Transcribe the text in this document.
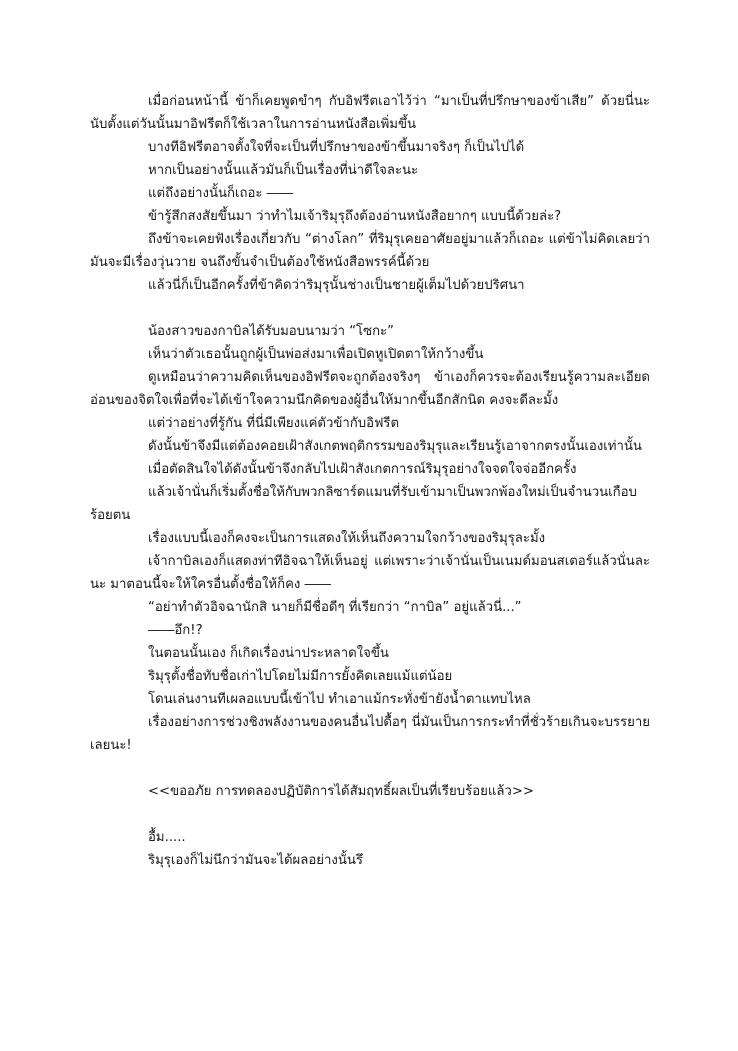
เมื่อก่อนหน้านี้ ข้าก็เคยพูดขำๆ กับอิฟรีตเอาไว้ว่า “มาเป็นที่ปรึกษาของข้าเสีย” ด้วยนี่นะ นับตั้งแต่วันนั้นมาอิฟรีตก็ใช้เวลาในการอ่านหนังสือเพิ่มขึ้น

บางทีอิฟรีตอาจตั้งใจที่จะเป็นที่ปรึกษาของข้าขึ้นมาจริงๆ ก็เป็นไปได้

หากเป็นอย่างนั้นแล้วมันก็เป็นเรื่องที่น่าดีใจละนะ

แต่ถึงอย่างนั้นก็เถอะ ――

ข้ารู้สึกสงสัยขึ้นมา ว่าทำไมเจ้าริมุรุถึงต้องอ่านหนังสือยากๆ แบบนี้ด้วยล่ะ?

ถึงข้าจะเคยฟังเรื่องเกี่ยวกับ “ต่างโลก” ที่ริมุรุเคยอาศัยอยู่มาแล้วก็เถอะ แต่ข้าไม่คิดเลยว่ามันจะมีเรื่องวุ่นวาย จนถึงขั้นจำเป็นต้องใช้หนังสือพรรค์นี้ด้วย

แล้วนี่ก็เป็นอีกครั้งที่ข้าคิดว่าริมุรุนั้นช่างเป็นชายผู้เต็มไปด้วยปริศนา

น้องสาวของกาบิลได้รับมอบนามว่า “โซกะ”

เห็นว่าตัวเธอนั้นถูกผู้เป็นพ่อส่งมาเพื่อเปิดหูเปิดตาให้กว้างขึ้น

ดูเหมือนว่าความคิดเห็นของอิฟรีตจะถูกต้องจริงๆ ข้าเองก็ควรจะต้องเรียนรู้ความละเอียดอ่อนของจิตใจเพื่อที่จะได้เข้าใจความนึกคิดของผู้อื่นให้มากขึ้นอีกสักนิด คงจะดีละมั้ง

แต่ว่าอย่างที่รู้กัน ที่นี่มีเพียงแค่ตัวข้ากับอิฟรีต

ดังนั้นข้าจึงมีแต่ต้องคอยเฝ้าสังเกตพฤติกรรมของริมุรุและเรียนรู้เอาจากตรงนั้นเองเท่านั้น

เมื่อตัดสินใจได้ดังนั้นข้าจึงกลับไปเฝ้าสังเกตการณ์ริมุรุอย่างใจจดใจจ่ออีกครั้ง

แล้วเจ้านั่นก็เริ่มตั้งชื่อให้กับพวกลิซาร์ดแมนที่รับเข้ามาเป็นพวกพ้องใหม่เป็นจำนวนเกือบร้อยตน

เรื่องแบบนี้เองก็คงจะเป็นการแสดงให้เห็นถึงความใจกว้างของริมุรุละมั้ง

เจ้ากาบิลเองก็แสดงท่าทีอิจฉาให้เห็นอยู่ แต่เพราะว่าเจ้านั่นเป็นเนมด์มอนสเตอร์แล้วนั่นละนะ มาตอนนี้จะให้ใครอื่นตั้งชื่อให้ก็คง ――

“อย่าทำตัวอิจฉานักสิ นายก็มีชื่อดีๆ ที่เรียกว่า “กาบิล” อยู่แล้วนี่...”

――อึก!?

ในตอนนั้นเอง ก็เกิดเรื่องน่าประหลาดใจขึ้น

ริมุรุตั้งชื่อทับชื่อเก่าไปโดยไม่มีการยั้งคิดเลยแม้แต่น้อย

โดนเล่นงานทีเผลอแบบนี้เข้าไป ทำเอาแม้กระทั่งข้ายังน้ำตาแทบไหล

เรื่องอย่างการช่วงชิงพลังงานของคนอื่นไปดื้อๆ นี่มันเป็นการกระทำที่ชั่วร้ายเกินจะบรรยายเลยนะ!

<<ขออภัย การทดลองปฏิบัติการได้สัมฤทธิ์ผลเป็นที่เรียบร้อยแล้ว>>

อื้ม.....

ริมุรุเองก็ไม่นึกว่ามันจะได้ผลอย่างนั้นรึ
